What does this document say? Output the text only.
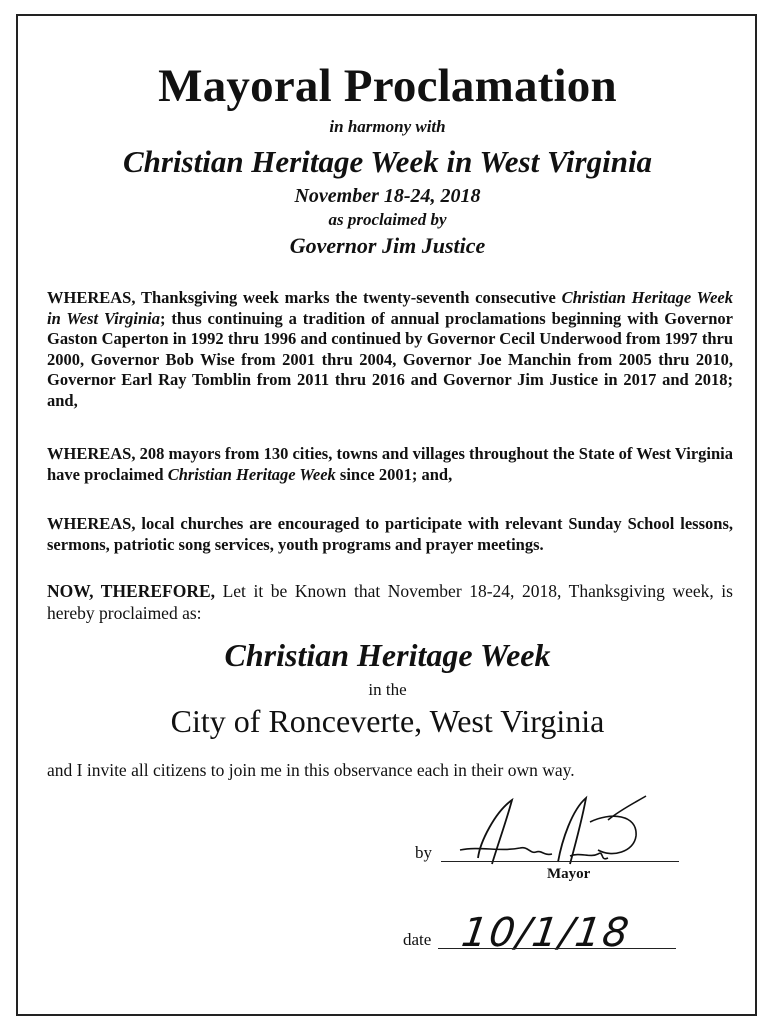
Mayoral Proclamation
in harmony with
Christian Heritage Week in West Virginia
November 18-24, 2018
as proclaimed by
Governor Jim Justice
WHEREAS, Thanksgiving week marks the twenty-seventh consecutive Christian Heritage Week in West Virginia; thus continuing a tradition of annual proclamations beginning with Governor Gaston Caperton in 1992 thru 1996 and continued by Governor Cecil Underwood from 1997 thru 2000, Governor Bob Wise from 2001 thru 2004, Governor Joe Manchin from 2005 thru 2010, Governor Earl Ray Tomblin from 2011 thru 2016 and Governor Jim Justice in 2017 and 2018; and,
WHEREAS, 208 mayors from 130 cities, towns and villages throughout the State of West Virginia have proclaimed Christian Heritage Week since 2001; and,
WHEREAS, local churches are encouraged to participate with relevant Sunday School lessons, sermons, patriotic song services, youth programs and prayer meetings.
NOW, THEREFORE, Let it be Known that November 18-24, 2018, Thanksgiving week, is hereby proclaimed as:
Christian Heritage Week
in the
City of Ronceverte, West Virginia
and I invite all citizens to join me in this observance each in their own way.
by
Mayor
date 10/1/18
